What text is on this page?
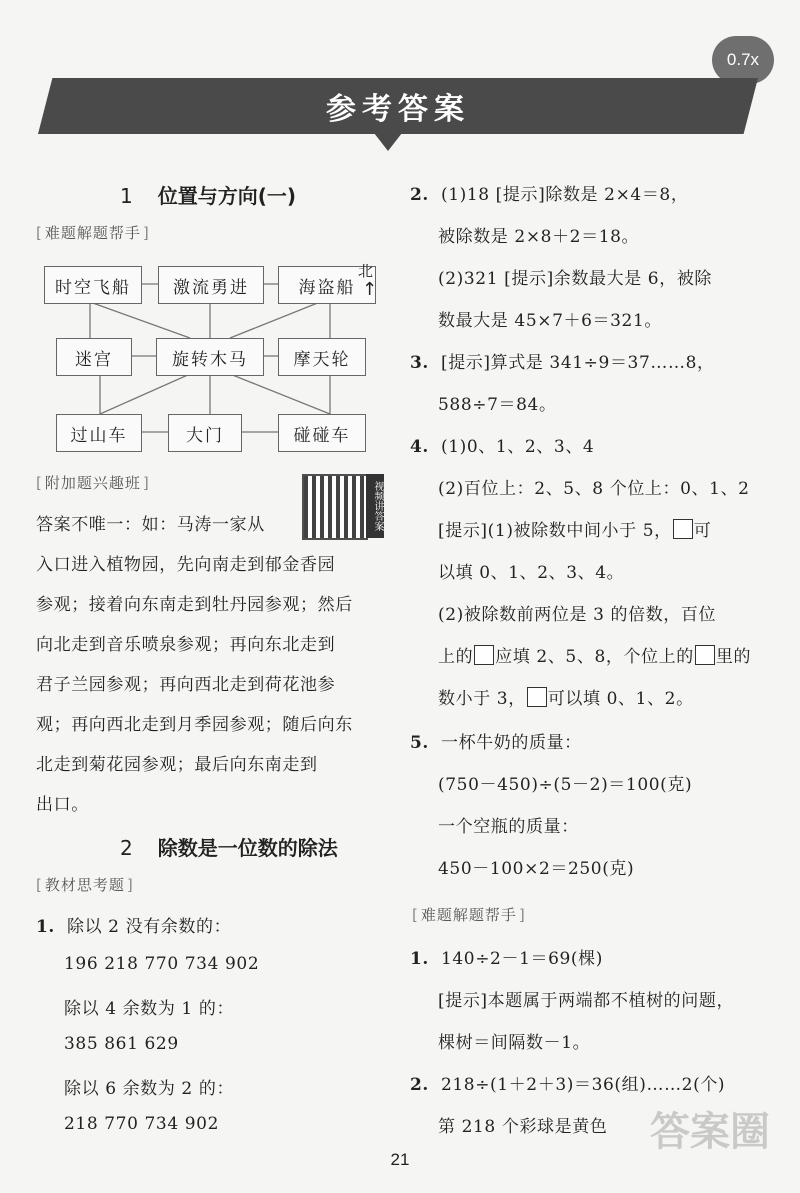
0.7x
参考答案
1 位置与方向(一)
[ 难题解题帮手 ]
时空飞船	激流勇进	海盗船
迷宫	旋转木马	摩天轮
过山车	大门	碰碰车
北
↑
[ 附加题兴趣班 ]	视频讲答案
答案不唯一：如：马涛一家从
入口进入植物园，先向南走到郁金香园
参观；接着向东南走到牡丹园参观；然后
向北走到音乐喷泉参观；再向东北走到
君子兰园参观；再向西北走到荷花池参
观；再向西北走到月季园参观；随后向东
北走到菊花园参观；最后向东南走到
出口。
2 除数是一位数的除法
[ 教材思考题 ]
1. 除以 2 没有余数的：
196 218 770 734 902
除以 4 余数为 1 的：
385 861 629
除以 6 余数为 2 的：
218 770 734 902
2. (1)18 [提示]除数是 2×4＝8，
被除数是 2×8＋2＝18。
(2)321 [提示]余数最大是 6，被除
数最大是 45×7＋6＝321。
3. [提示]算式是 341÷9＝37……8，
588÷7＝84。
4. (1)0、1、2、3、4
(2)百位上：2、5、8 个位上：0、1、2
[提示](1)被除数中间小于 5， 可
以填 0、1、2、3、4。
(2)被除数前两位是 3 的倍数，百位
上的 应填 2、5、8，个位上的 里的
数小于 3， 可以填 0、1、2。
5. 一杯牛奶的质量：
(750－450)÷(5－2)＝100(克)
一个空瓶的质量：
450－100×2＝250(克)
[ 难题解题帮手 ]
1. 140÷2－1＝69(棵)
[提示]本题属于两端都不植树的问题，
棵树＝间隔数－1。
2. 218÷(1＋2＋3)＝36(组)……2(个)
第 218 个彩球是黄色 答案圈
21
